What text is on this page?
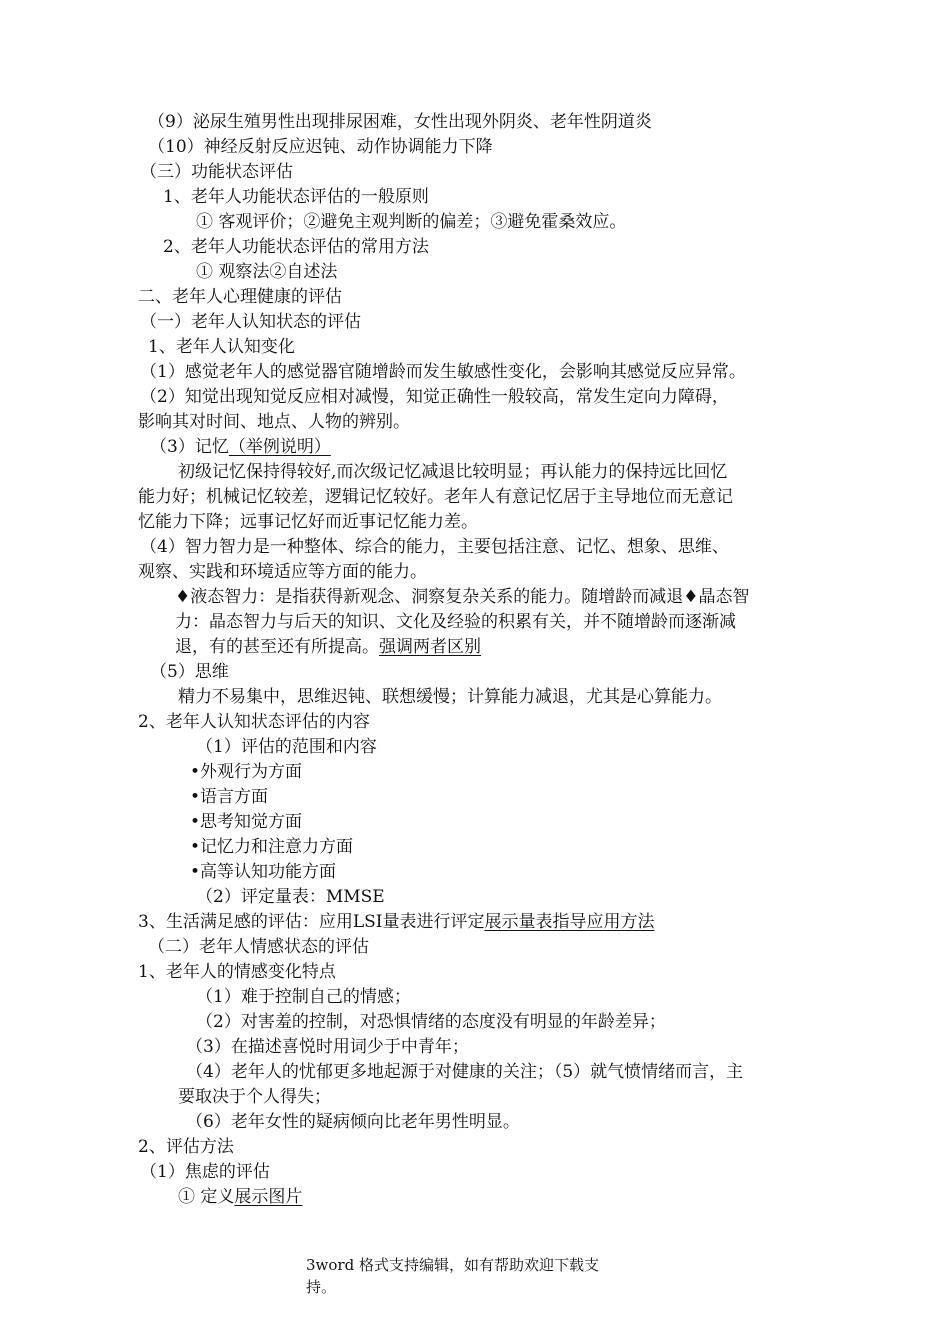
（9）泌尿生殖男性出现排尿困难，女性出现外阴炎、老年性阴道炎
（10）神经反射反应迟钝、动作协调能力下降
（三）功能状态评估
1、老年人功能状态评估的一般原则
① 客观评价；②避免主观判断的偏差；③避免霍桑效应。
2、老年人功能状态评估的常用方法
① 观察法②自述法
二、老年人心理健康的评估
（一）老年人认知状态的评估
1、老年人认知变化
（1）感觉老年人的感觉器官随增龄而发生敏感性变化，会影响其感觉反应异常。
（2）知觉出现知觉反应相对减慢，知觉正确性一般较高，常发生定向力障碍，
影响其对时间、地点、人物的辨别。
（3）记忆（举例说明）
初级记忆保持得较好,而次级记忆减退比较明显；再认能力的保持远比回忆
能力好；机械记忆较差，逻辑记忆较好。老年人有意记忆居于主导地位而无意记
忆能力下降；远事记忆好而近事记忆能力差。
（4）智力智力是一种整体、综合的能力，主要包括注意、记忆、想象、思维、
观察、实践和环境适应等方面的能力。
♦液态智力：是指获得新观念、洞察复杂关系的能力。随增龄而减退♦晶态智
力：晶态智力与后天的知识、文化及经验的积累有关，并不随增龄而逐渐减
退，有的甚至还有所提高。强调两者区别
（5）思维
精力不易集中，思维迟钝、联想缓慢；计算能力减退，尤其是心算能力。
2、老年人认知状态评估的内容
（1）评估的范围和内容
•外观行为方面
•语言方面
•思考知觉方面
•记忆力和注意力方面
•高等认知功能方面
（2）评定量表：MMSE
3、生活满足感的评估：应用LSI量表进行评定展示量表指导应用方法
（二）老年人情感状态的评估
1、老年人的情感变化特点
（1）难于控制自己的情感；
（2）对害羞的控制，对恐惧情绪的态度没有明显的年龄差异；
（3）在描述喜悦时用词少于中青年；
（4）老年人的忧郁更多地起源于对健康的关注；（5）就气愤情绪而言，主
要取决于个人得失；
（6）老年女性的疑病倾向比老年男性明显。
2、评估方法
（1）焦虑的评估
① 定义展示图片
3word 格式支持编辑，如有帮助欢迎下载支
持。
